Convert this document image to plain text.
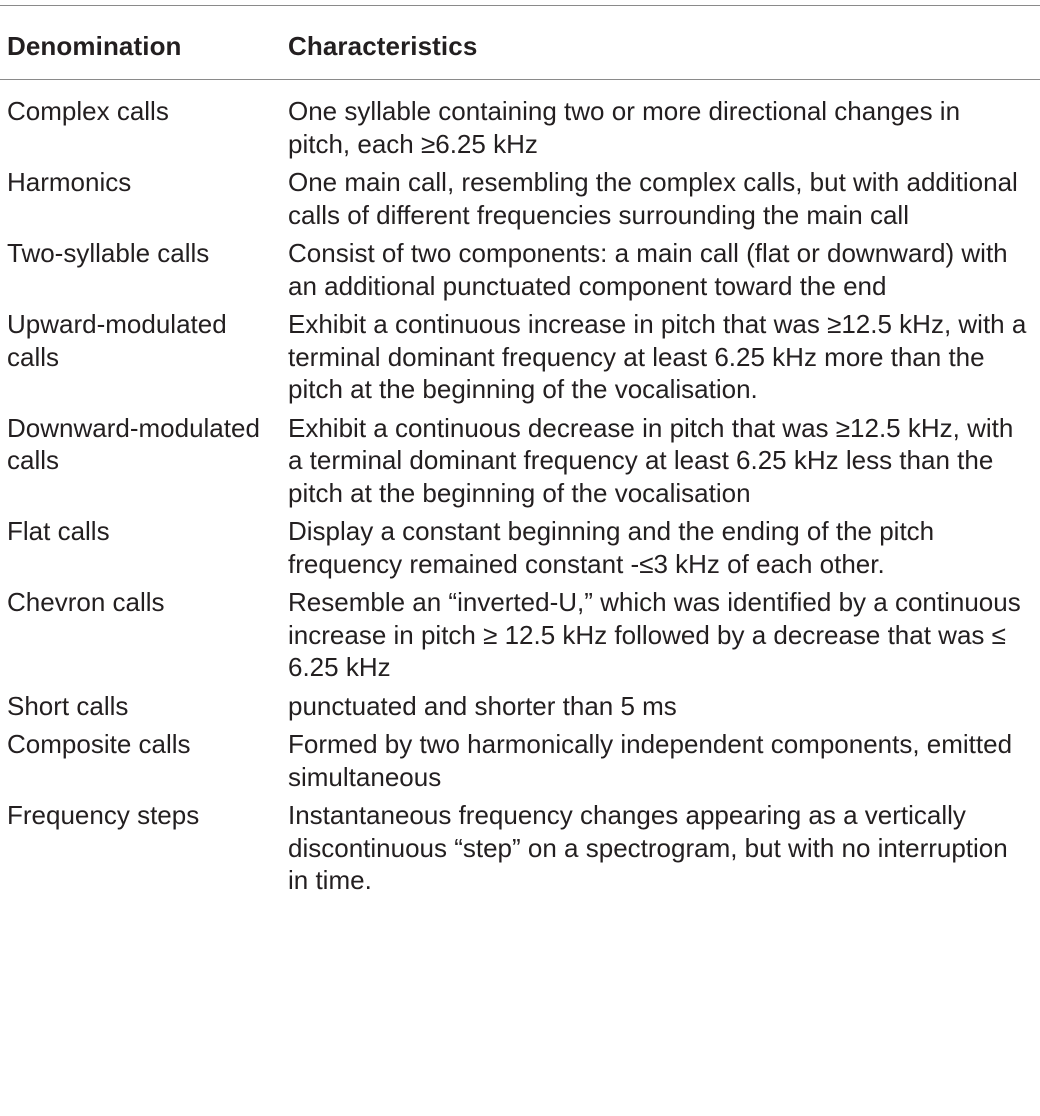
Denomination	Characteristics
Complex calls	One syllable containing two or more directional changes in pitch, each ≥6.25 kHz
Harmonics	One main call, resembling the complex calls, but with additional calls of different frequencies surrounding the main call
Two-syllable calls	Consist of two components: a main call (flat or downward) with an additional punctuated component toward the end
Upward-modulated calls	Exhibit a continuous increase in pitch that was ≥12.5 kHz, with a terminal dominant frequency at least 6.25 kHz more than the pitch at the beginning of the vocalisation.
Downward-modulated calls	Exhibit a continuous decrease in pitch that was ≥12.5 kHz, with a terminal dominant frequency at least 6.25 kHz less than the pitch at the beginning of the vocalisation
Flat calls	Display a constant beginning and the ending of the pitch frequency remained constant -≤3 kHz of each other.
Chevron calls	Resemble an “inverted-U,” which was identified by a continuous increase in pitch ≥ 12.5 kHz followed by a decrease that was ≤ 6.25 kHz
Short calls	punctuated and shorter than 5 ms
Composite calls	Formed by two harmonically independent components, emitted simultaneous
Frequency steps	Instantaneous frequency changes appearing as a vertically discontinuous “step” on a spectrogram, but with no interruption in time.
